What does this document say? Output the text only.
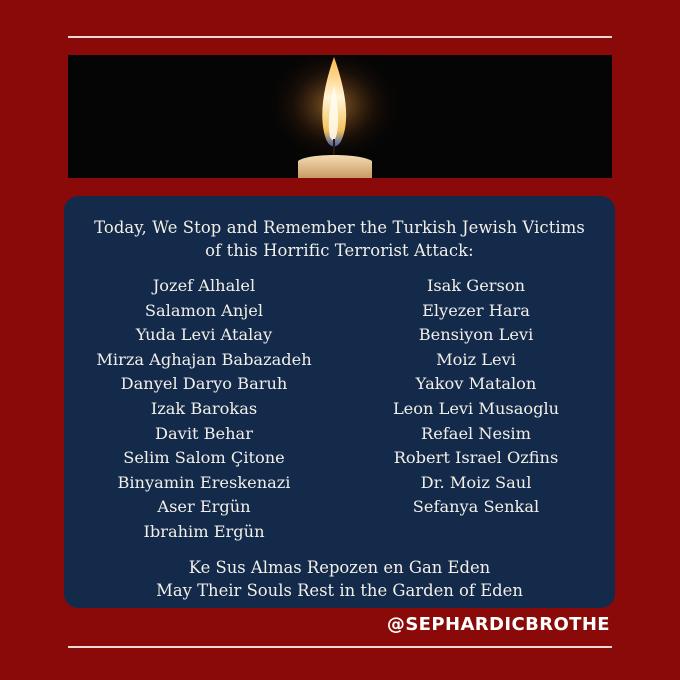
Today, We Stop and Remember the Turkish Jewish Victims
of this Horrific Terrorist Attack:
Jozef Alhalel
Salamon Anjel
Yuda Levi Atalay
Mirza Aghajan Babazadeh
Danyel Daryo Baruh
Izak Barokas
Davit Behar
Selim Salom Çitone
Binyamin Ereskenazi
Aser Ergün
Ibrahim Ergün
Isak Gerson
Elyezer Hara
Bensiyon Levi
Moiz Levi
Yakov Matalon
Leon Levi Musaoglu
Refael Nesim
Robert Israel Ozfins
Dr. Moiz Saul
Sefanya Senkal
Ke Sus Almas Repozen en Gan Eden
May Their Souls Rest in the Garden of Eden
@SEPHARDICBROTHE
